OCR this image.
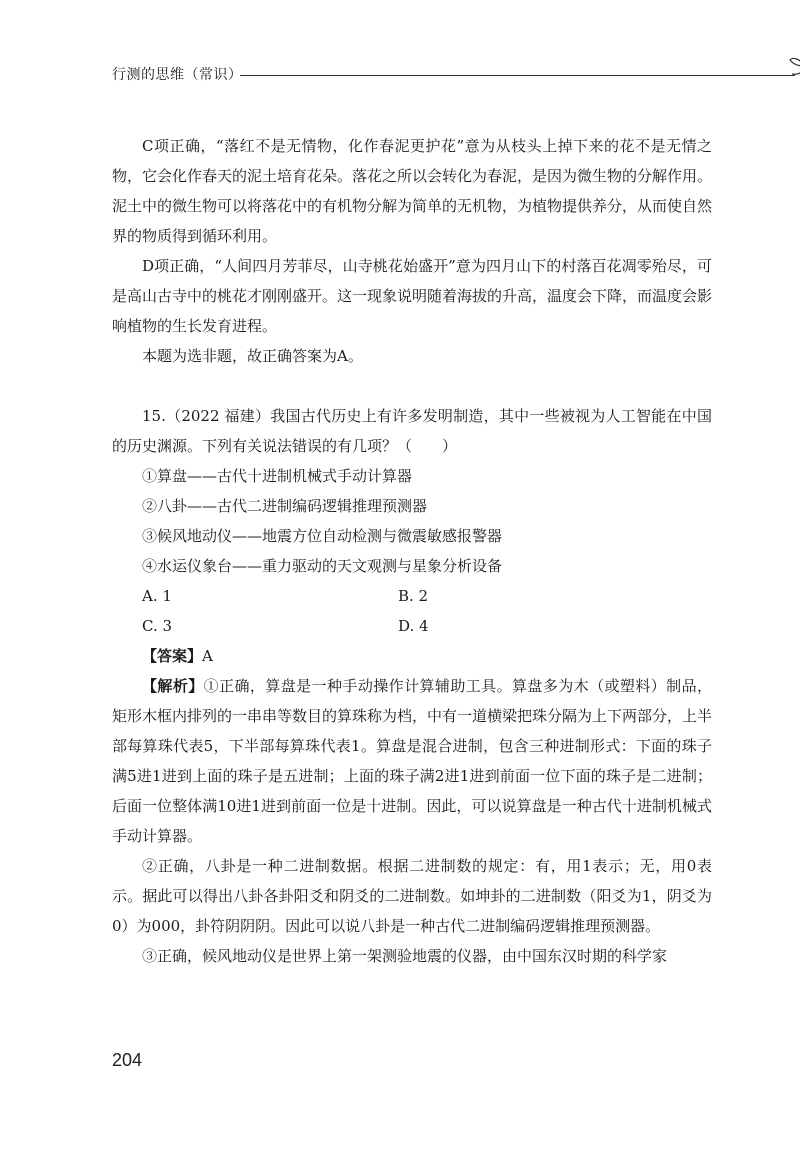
行测的思维（常识）

C项正确，“落红不是无情物，化作春泥更护花”意为从枝头上掉下来的花不是无情之物，它会化作春天的泥土培育花朵。落花之所以会转化为春泥，是因为微生物的分解作用。泥土中的微生物可以将落花中的有机物分解为简单的无机物，为植物提供养分，从而使自然界的物质得到循环利用。

D项正确，“人间四月芳菲尽，山寺桃花始盛开”意为四月山下的村落百花凋零殆尽，可是高山古寺中的桃花才刚刚盛开。这一现象说明随着海拔的升高，温度会下降，而温度会影响植物的生长发育进程。

本题为选非题，故正确答案为A。

15.（2022 福建）我国古代历史上有许多发明制造，其中一些被视为人工智能在中国的历史渊源。下列有关说法错误的有几项？（　　）

①算盘——古代十进制机械式手动计算器

②八卦——古代二进制编码逻辑推理预测器

③候风地动仪——地震方位自动检测与微震敏感报警器

④水运仪象台——重力驱动的天文观测与星象分析设备

A. 1	B. 2
C. 3	D. 4

【答案】A

【解析】①正确，算盘是一种手动操作计算辅助工具。算盘多为木（或塑料）制品，矩形木框内排列的一串串等数目的算珠称为档，中有一道横梁把珠分隔为上下两部分，上半部每算珠代表5，下半部每算珠代表1。算盘是混合进制，包含三种进制形式：下面的珠子满5进1进到上面的珠子是五进制；上面的珠子满2进1进到前面一位下面的珠子是二进制；后面一位整体满10进1进到前面一位是十进制。因此，可以说算盘是一种古代十进制机械式手动计算器。

②正确，八卦是一种二进制数据。根据二进制数的规定：有，用1表示；无，用0表示。据此可以得出八卦各卦阳爻和阴爻的二进制数。如坤卦的二进制数（阳爻为1，阴爻为0）为000，卦符阴阴阴。因此可以说八卦是一种古代二进制编码逻辑推理预测器。

③正确，候风地动仪是世界上第一架测验地震的仪器，由中国东汉时期的科学家

204
